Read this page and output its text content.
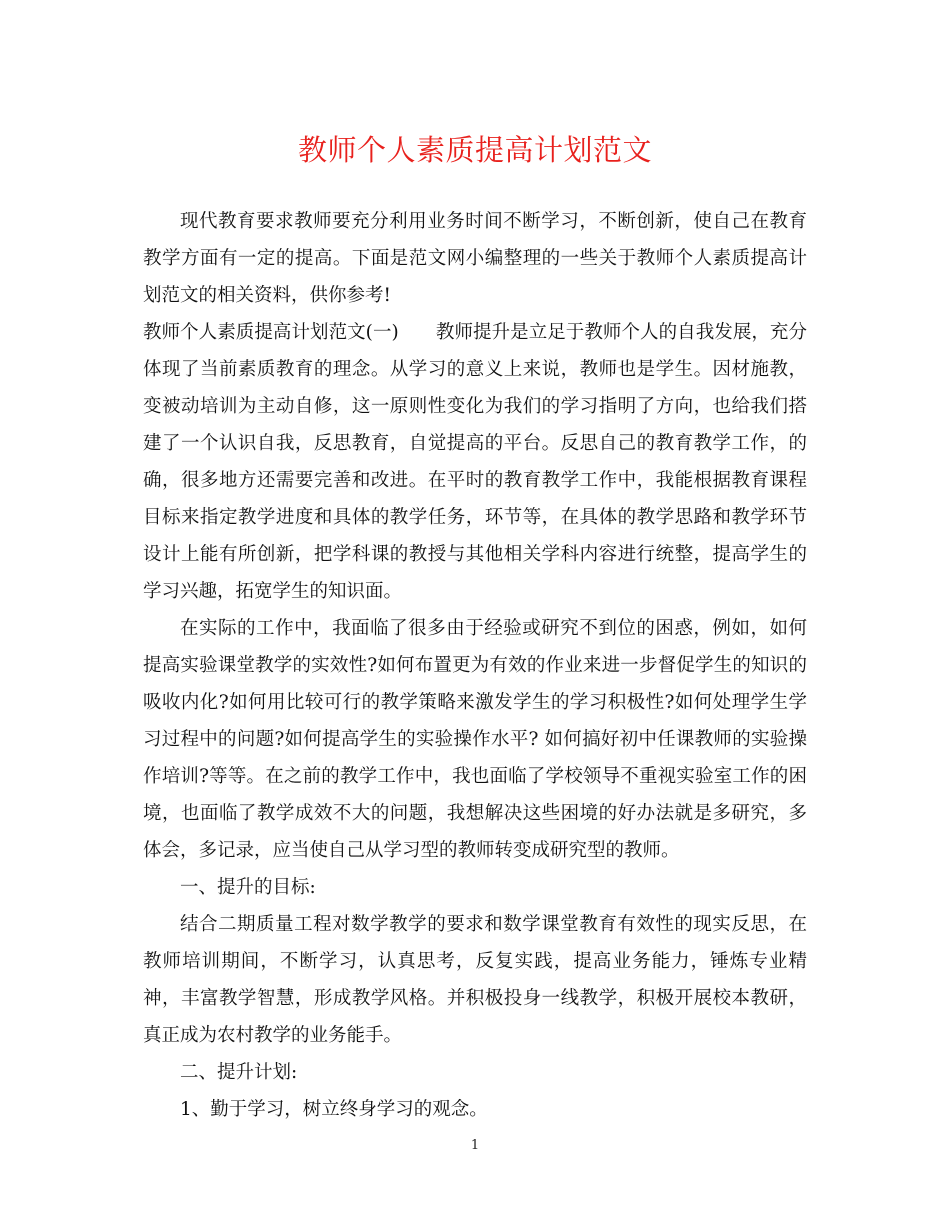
教师个人素质提高计划范文

现代教育要求教师要充分利用业务时间不断学习，不断创新，使自己在教育教学方面有一定的提高。下面是范文网小编整理的一些关于教师个人素质提高计划范文的相关资料，供你参考!

教师个人素质提高计划范文(一)　　教师提升是立足于教师个人的自我发展，充分体现了当前素质教育的理念。从学习的意义上来说，教师也是学生。因材施教，变被动培训为主动自修，这一原则性变化为我们的学习指明了方向，也给我们搭建了一个认识自我，反思教育，自觉提高的平台。反思自己的教育教学工作，的确，很多地方还需要完善和改进。在平时的教育教学工作中，我能根据教育课程目标来指定教学进度和具体的教学任务，环节等，在具体的教学思路和教学环节设计上能有所创新，把学科课的教授与其他相关学科内容进行统整，提高学生的学习兴趣，拓宽学生的知识面。

在实际的工作中，我面临了很多由于经验或研究不到位的困惑，例如，如何提高实验课堂教学的实效性?如何布置更为有效的作业来进一步督促学生的知识的吸收内化?如何用比较可行的教学策略来激发学生的学习积极性?如何处理学生学习过程中的问题?如何提高学生的实验操作水平? 如何搞好初中任课教师的实验操作培训?等等。在之前的教学工作中，我也面临了学校领导不重视实验室工作的困境，也面临了教学成效不大的问题，我想解决这些困境的好办法就是多研究，多体会，多记录，应当使自己从学习型的教师转变成研究型的教师。

一、提升的目标:

结合二期质量工程对数学教学的要求和数学课堂教育有效性的现实反思，在教师培训期间，不断学习，认真思考，反复实践，提高业务能力，锤炼专业精神，丰富教学智慧，形成教学风格。并积极投身一线教学，积极开展校本教研，真正成为农村教学的业务能手。

二、提升计划:

1、勤于学习，树立终身学习的观念。

1
